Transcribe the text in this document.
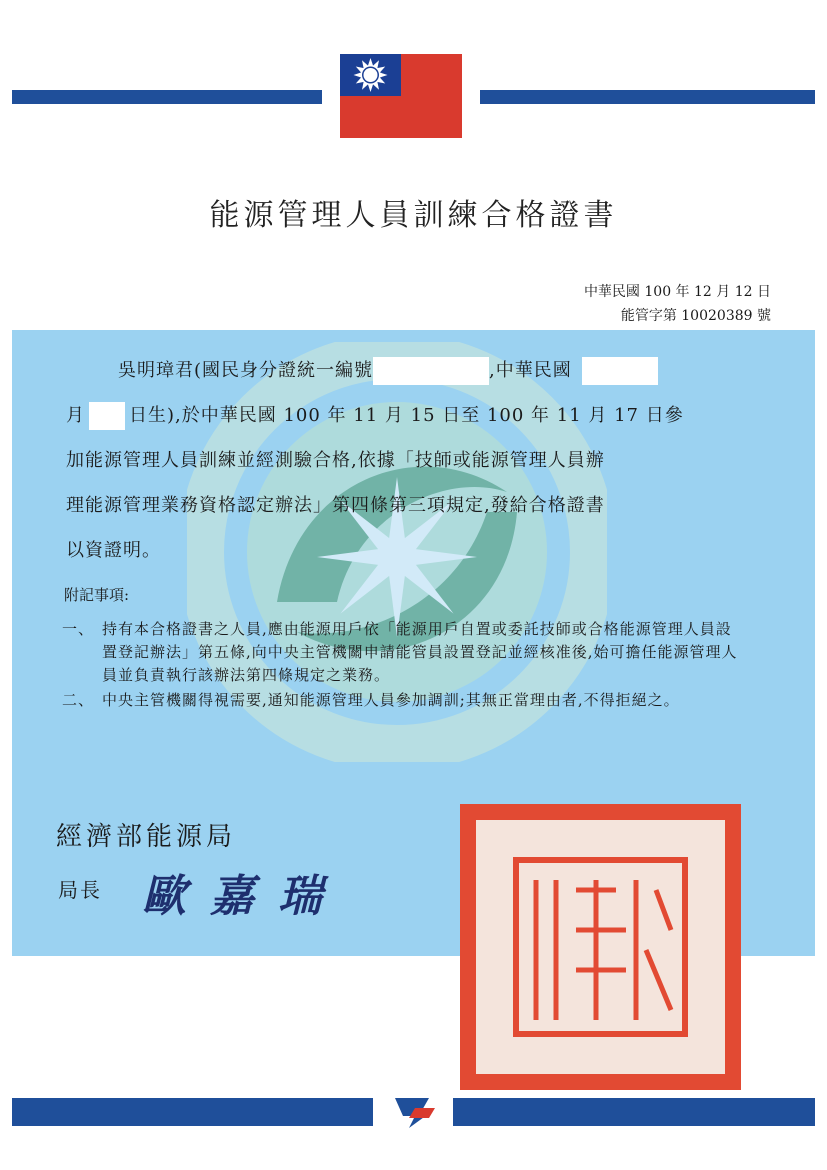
能源管理人員訓練合格證書
中華民國 100 年 12 月 12 日
能管字第 10020389 號
吳明璋君(國民身分證統一編號	,中華民國
月 日生),於中華民國 100 年 11 月 15 日至 100 年 11 月 17 日參
加能源管理人員訓練並經測驗合格,依據「技師或能源管理人員辦
理能源管理業務資格認定辦法」第四條第三項規定,發給合格證書
以資證明。
附記事項:
一、 持有本合格證書之人員,應由能源用戶依「能源用戶自置或委託技師或合格能源管理人員設置登記辦法」第五條,向中央主管機關申請能管員設置登記並經核准後,始可擔任能源管理人員並負責執行該辦法第四條規定之業務。
二、 中央主管機關得視需要,通知能源管理人員參加調訓;其無正當理由者,不得拒絕之。
經濟部能源局
局長 歐嘉瑞
